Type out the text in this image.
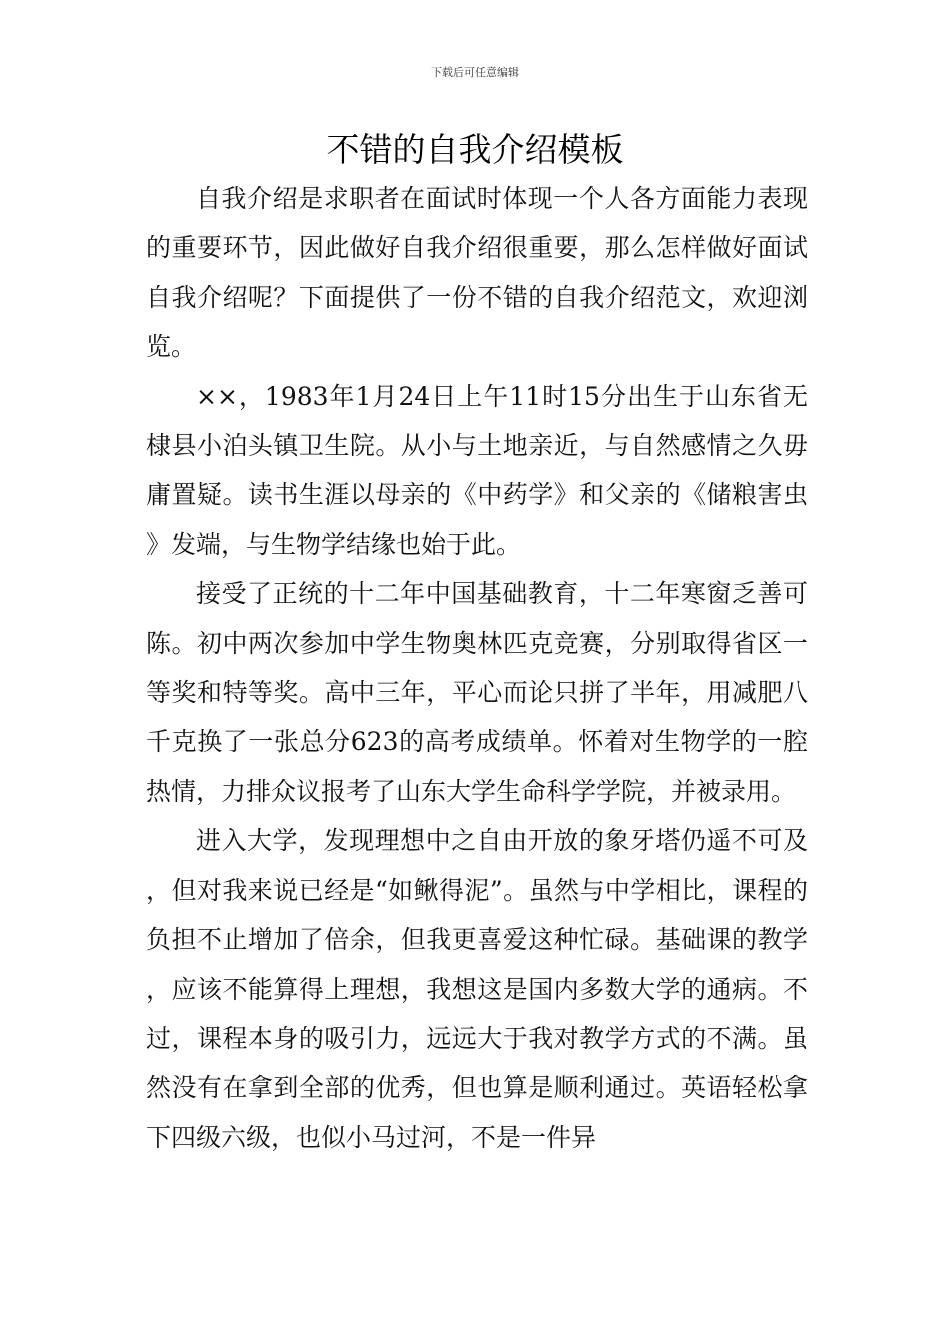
下载后可任意编辑
不错的自我介绍模板

自我介绍是求职者在面试时体现一个人各方面能力表现的重要环节，因此做好自我介绍很重要，那么怎样做好面试自我介绍呢？下面提供了一份不错的自我介绍范文，欢迎浏览。

××，1983年1月24日上午11时15分出生于山东省无棣县小泊头镇卫生院。从小与土地亲近，与自然感情之久毋庸置疑。读书生涯以母亲的《中药学》和父亲的《储粮害虫》发端，与生物学结缘也始于此。

接受了正统的十二年中国基础教育，十二年寒窗乏善可陈。初中两次参加中学生物奥林匹克竞赛，分别取得省区一等奖和特等奖。高中三年，平心而论只拼了半年，用减肥八千克换了一张总分623的高考成绩单。怀着对生物学的一腔热情，力排众议报考了山东大学生命科学学院，并被录用。

进入大学，发现理想中之自由开放的象牙塔仍遥不可及，但对我来说已经是“如鳅得泥”。虽然与中学相比，课程的负担不止增加了倍余，但我更喜爱这种忙碌。基础课的教学，应该不能算得上理想，我想这是国内多数大学的通病。不过，课程本身的吸引力，远远大于我对教学方式的不满。虽然没有在拿到全部的优秀，但也算是顺利通过。英语轻松拿下四级六级，也似小马过河，不是一件异
